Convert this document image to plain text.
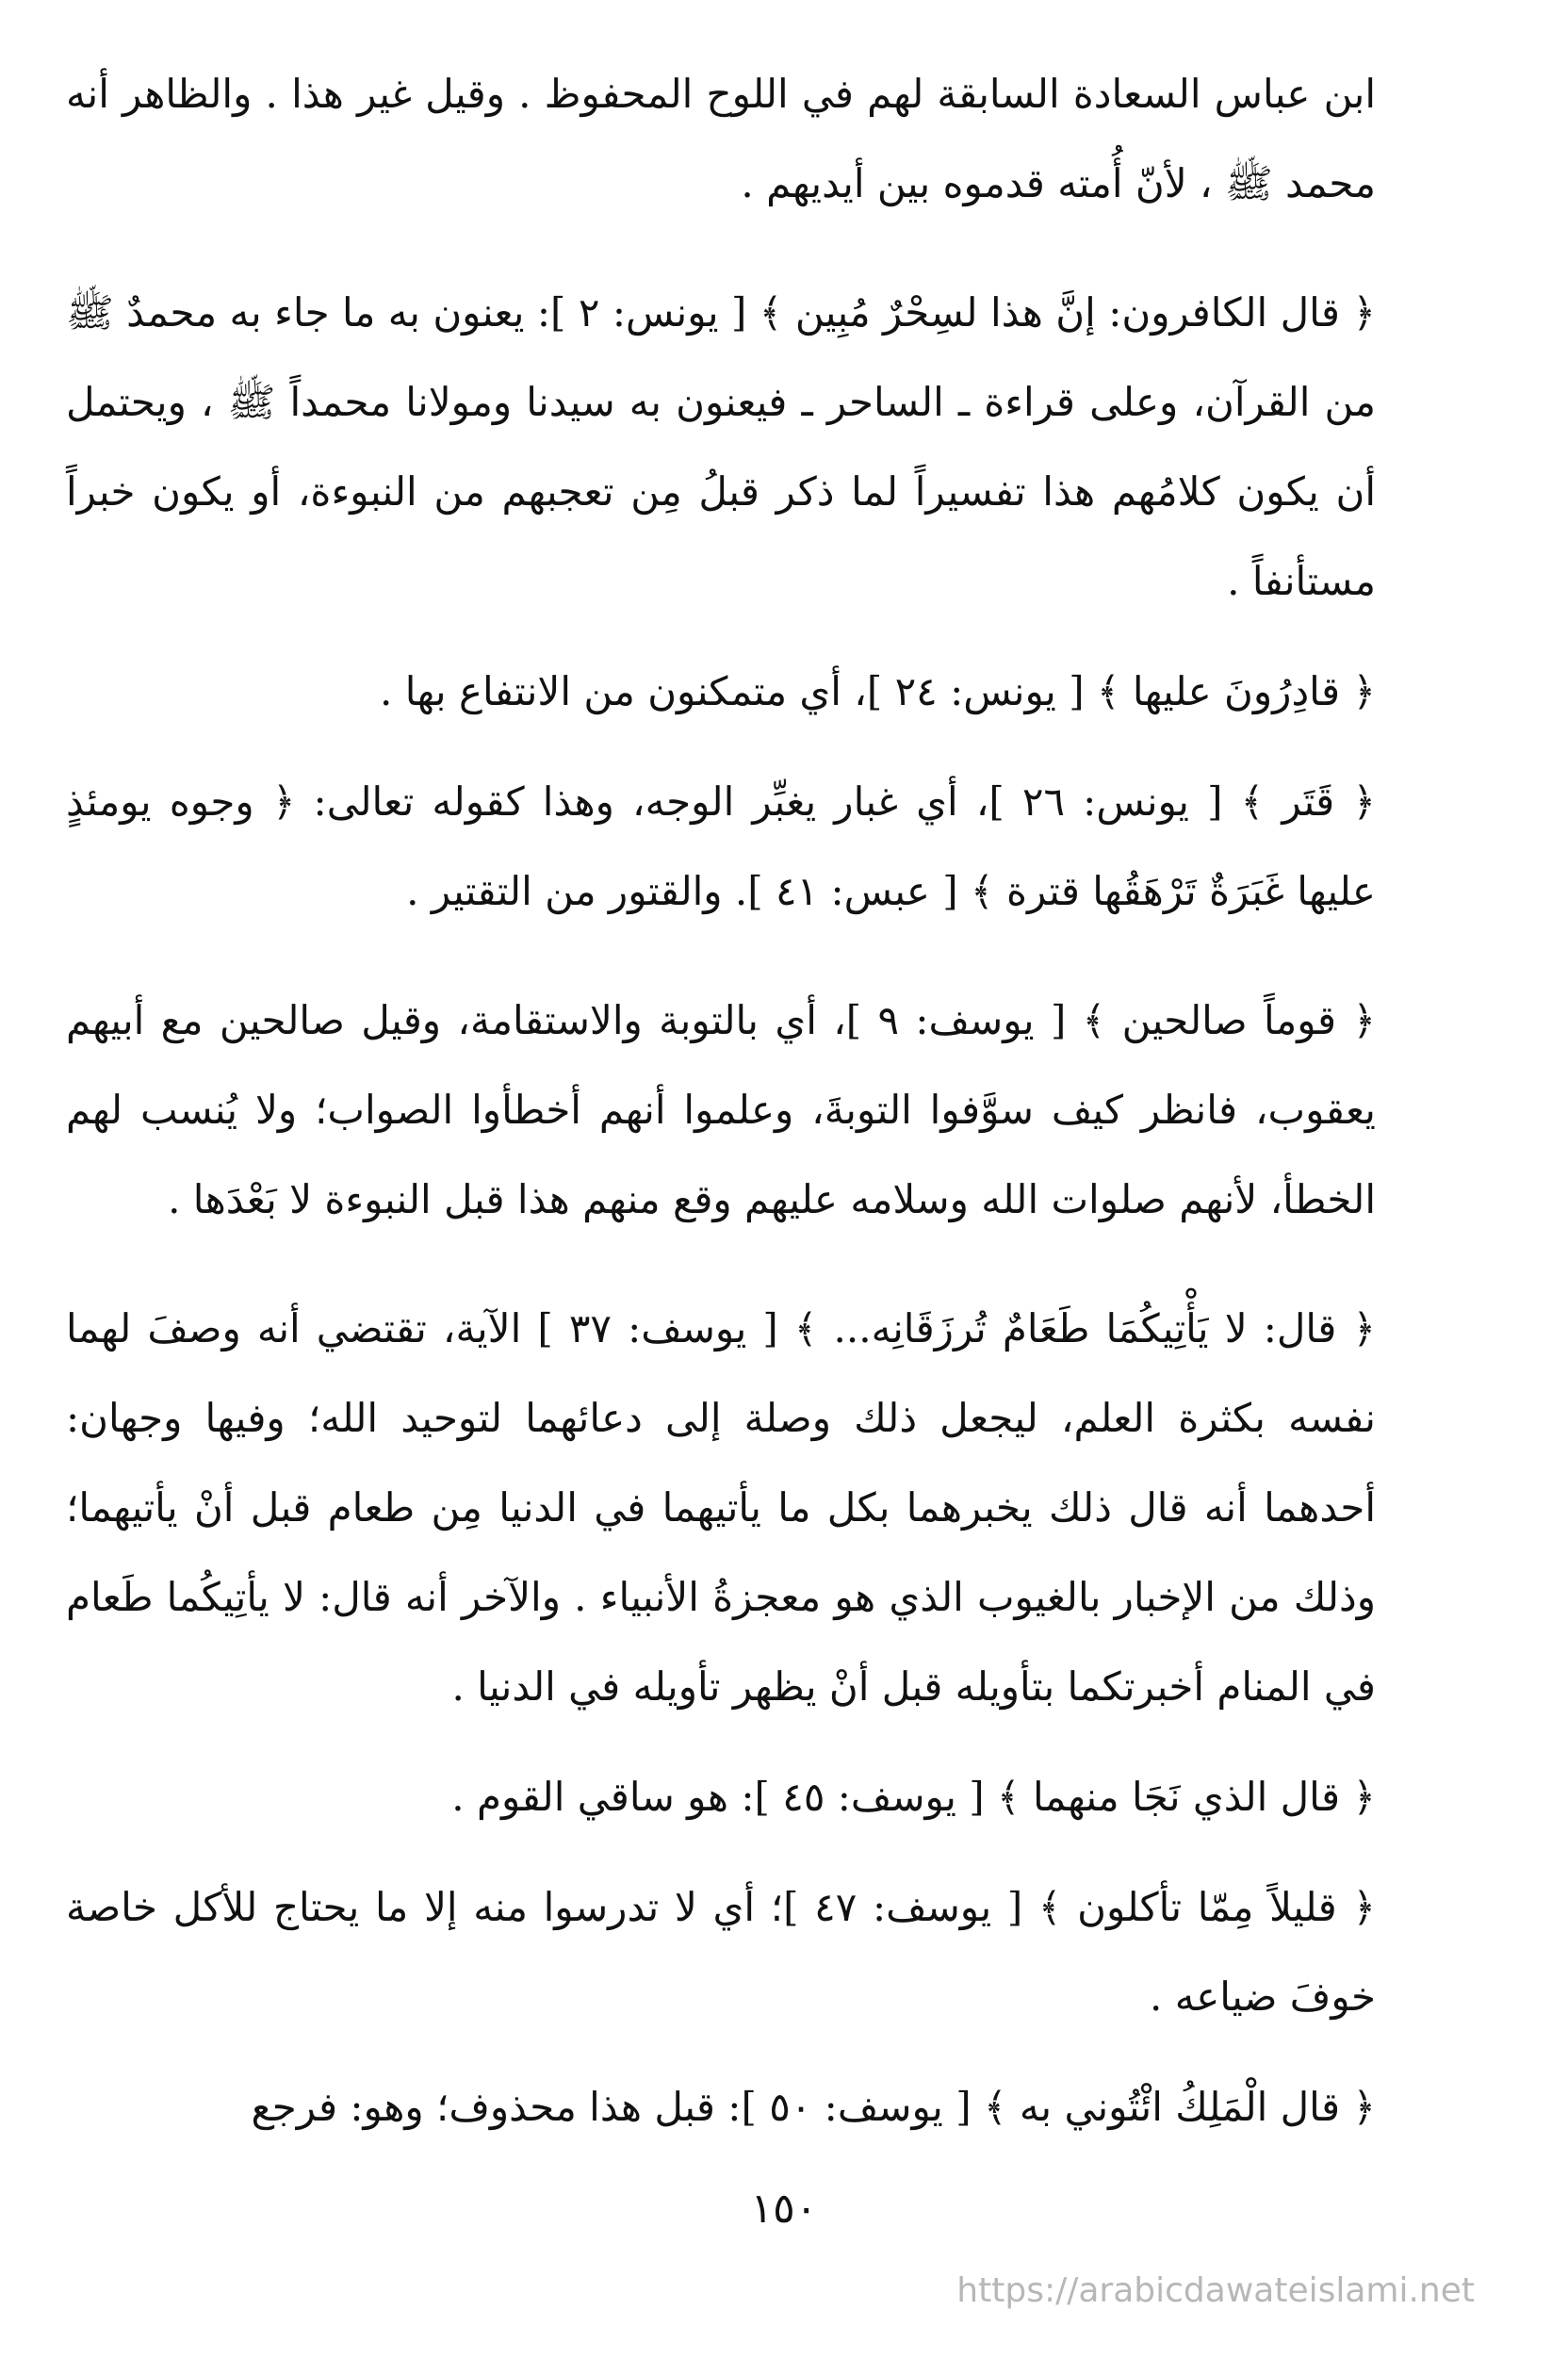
ابن عباس السعادة السابقة لهم في اللوح المحفوظ . وقيل غير هذا . والظاهر أنه محمد ﷺ ، لأنّ أُمته قدموه بين أيديهم .

﴿ قال الكافرون: إنَّ هذا لسِحْرٌ مُبِين ﴾ [ يونس: ٢ ]: يعنون به ما جاء به محمدٌ ﷺ من القرآن، وعلى قراءة ـ الساحر ـ فيعنون به سيدنا ومولانا محمداً ﷺ ، ويحتمل أن يكون كلامُهم هذا تفسيراً لما ذكر قبلُ مِن تعجبهم من النبوءة، أو يكون خبراً مستأنفاً .

﴿ قادِرُونَ عليها ﴾ [ يونس: ٢٤ ]، أي متمكنون من الانتفاع بها .

﴿ قَتَر ﴾ [ يونس: ٢٦ ]، أي غبار يغبِّر الوجه، وهذا كقوله تعالى: ﴿ وجوه يومئذٍ عليها غَبَرَةٌ تَرْهَقُها قترة ﴾ [ عبس: ٤١ ]. والقتور من التقتير .

﴿ قوماً صالحين ﴾ [ يوسف: ٩ ]، أي بالتوبة والاستقامة، وقيل صالحين مع أبيهم يعقوب، فانظر كيف سوَّفوا التوبةَ، وعلموا أنهم أخطأوا الصواب؛ ولا يُنسب لهم الخطأ، لأنهم صلوات الله وسلامه عليهم وقع منهم هذا قبل النبوءة لا بَعْدَها .

﴿ قال: لا يَأْتِيكُمَا طَعَامٌ تُرزَقَانِه... ﴾ [ يوسف: ٣٧ ] الآية، تقتضي أنه وصفَ لهما نفسه بكثرة العلم، ليجعل ذلك وصلة إلى دعائهما لتوحيد الله؛ وفيها وجهان: أحدهما أنه قال ذلك يخبرهما بكل ما يأتيهما في الدنيا مِن طعام قبل أنْ يأتيهما؛ وذلك من الإخبار بالغيوب الذي هو معجزةُ الأنبياء . والآخر أنه قال: لا يأتِيكُما طَعام في المنام أخبرتكما بتأويله قبل أنْ يظهر تأويله في الدنيا .

﴿ قال الذي نَجَا منهما ﴾ [ يوسف: ٤٥ ]: هو ساقي القوم .

﴿ قليلاً مِمّا تأكلون ﴾ [ يوسف: ٤٧ ]؛ أي لا تدرسوا منه إلا ما يحتاج للأكل خاصة خوفَ ضياعه .

﴿ قال الْمَلِكُ ائْتُوني به ﴾ [ يوسف: ٥٠ ]: قبل هذا محذوف؛ وهو: فرجع

١٥٠
https://arabicdawateislami.net
